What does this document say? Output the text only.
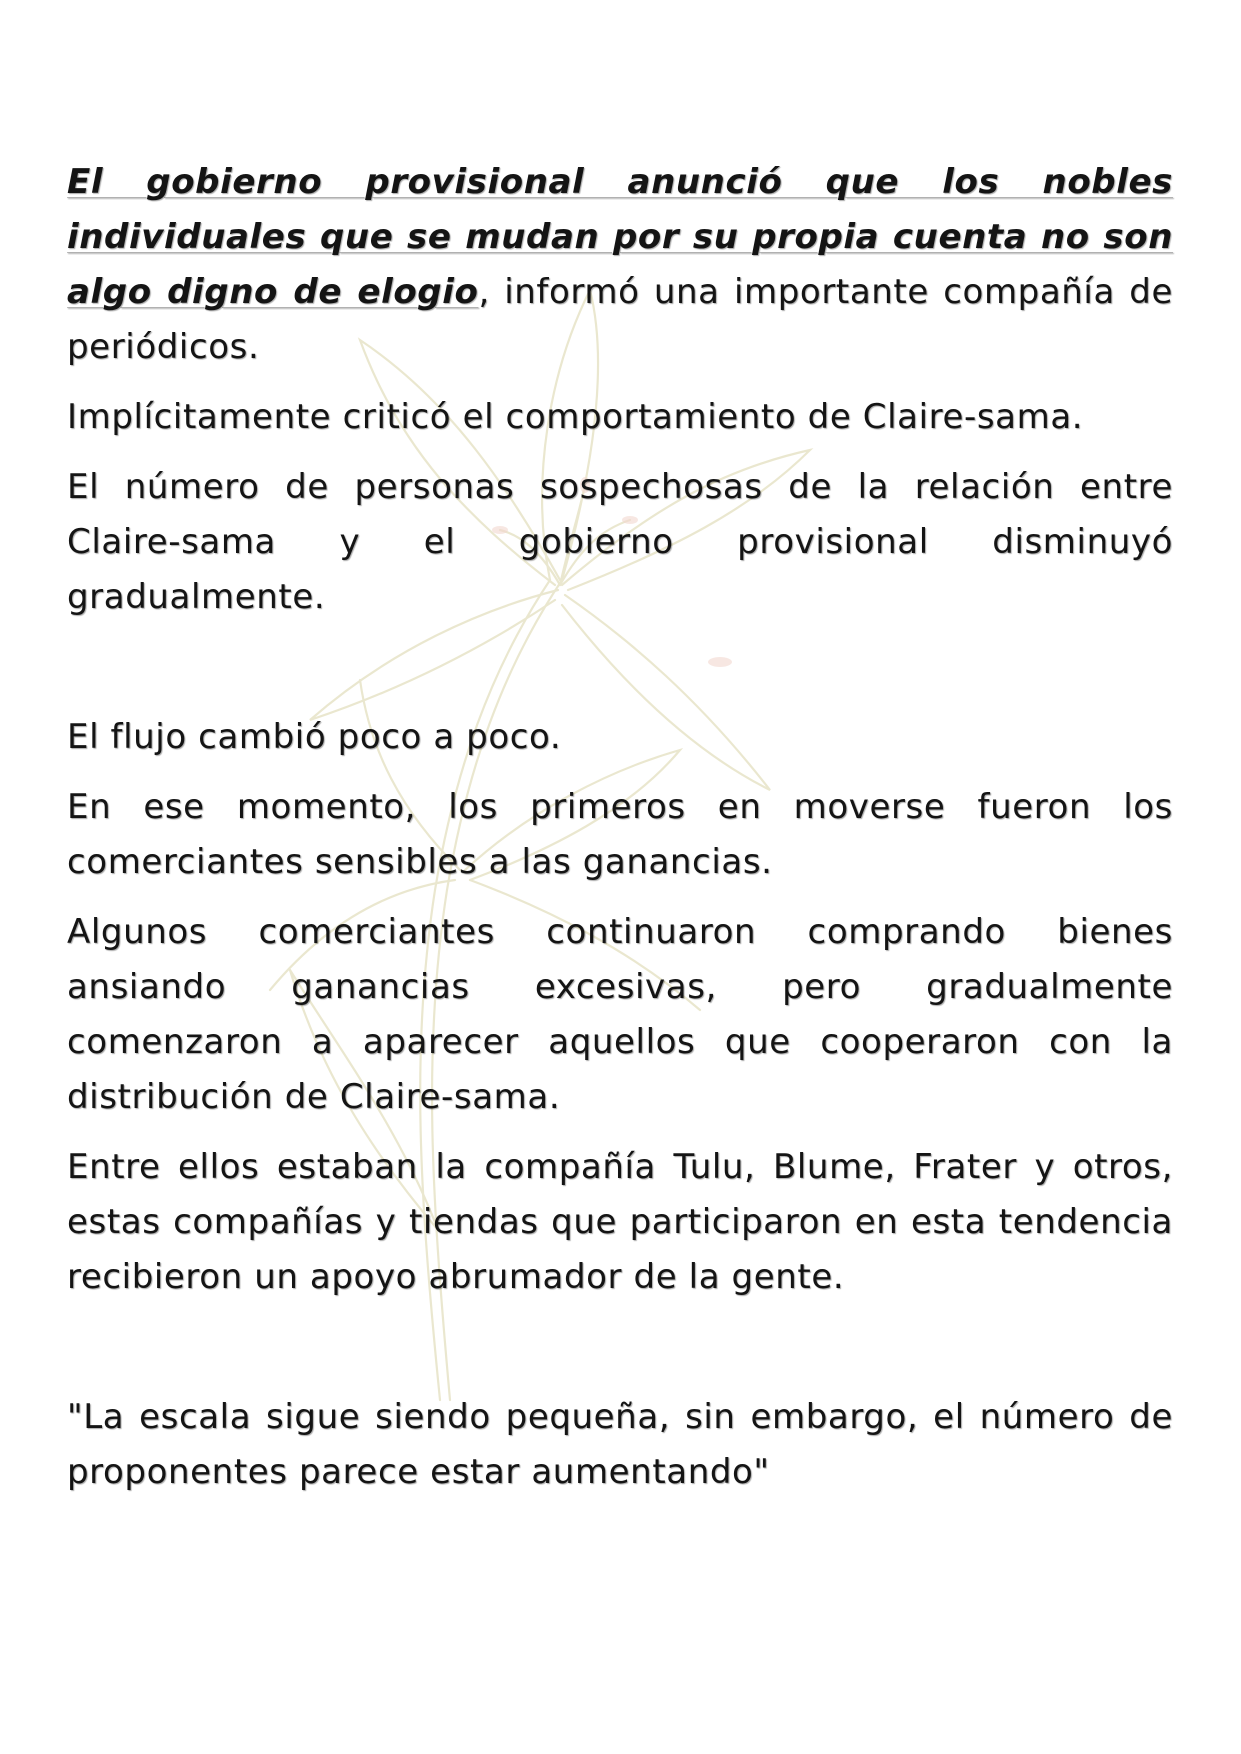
El gobierno provisional anunció que los nobles individuales que se mudan por su propia cuenta no son algo digno de elogio, informó una importante compañía de periódicos.

Implícitamente criticó el comportamiento de Claire-sama.

El número de personas sospechosas de la relación entre Claire-sama y el gobierno provisional disminuyó gradualmente.

El flujo cambió poco a poco.

En ese momento, los primeros en moverse fueron los comerciantes sensibles a las ganancias.

Algunos comerciantes continuaron comprando bienes ansiando ganancias excesivas, pero gradualmente comenzaron a aparecer aquellos que cooperaron con la distribución de Claire-sama.

Entre ellos estaban la compañía Tulu, Blume, Frater y otros, estas compañías y tiendas que participaron en esta tendencia recibieron un apoyo abrumador de la gente.

"La escala sigue siendo pequeña, sin embargo, el número de proponentes parece estar aumentando"
